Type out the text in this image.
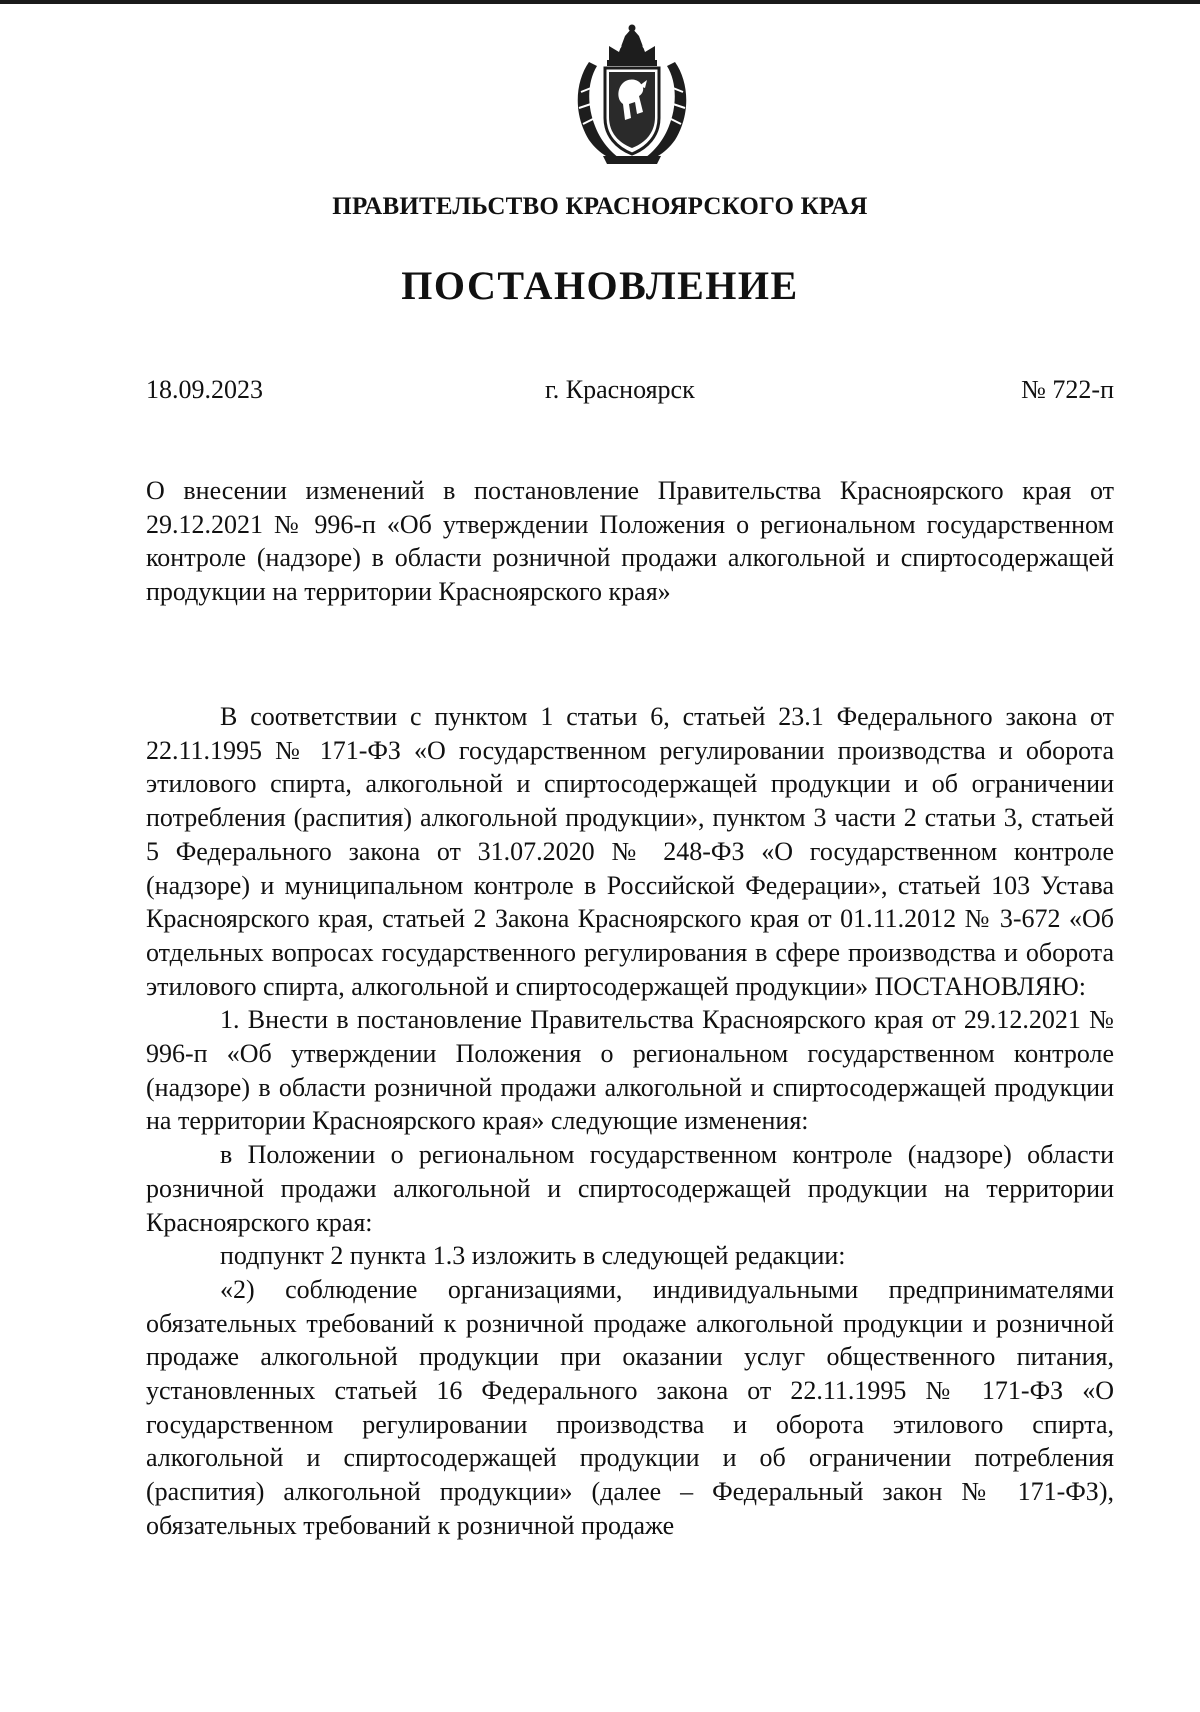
ПРАВИТЕЛЬСТВО КРАСНОЯРСКОГО КРАЯ
ПОСТАНОВЛЕНИЕ
18.09.2023	г. Красноярск	№ 722-п
О внесении изменений в постановление Правительства Красноярского края от 29.12.2021 № 996-п «Об утверждении Положения о региональном государственном контроле (надзоре) в области розничной продажи алкогольной и спиртосодержащей продукции на территории Красноярского края»

В соответствии с пунктом 1 статьи 6, статьей 23.1 Федерального закона от 22.11.1995 № 171-ФЗ «О государственном регулировании производства и оборота этилового спирта, алкогольной и спиртосодержащей продукции и об ограничении потребления (распития) алкогольной продукции», пунктом 3 части 2 статьи 3, статьей 5 Федерального закона от 31.07.2020 № 248-ФЗ «О государственном контроле (надзоре) и муниципальном контроле в Российской Федерации», статьей 103 Устава Красноярского края, статьей 2 Закона Красноярского края от 01.11.2012 № 3-672 «Об отдельных вопросах государственного регулирования в сфере производства и оборота этилового спирта, алкогольной и спиртосодержащей продукции» ПОСТАНОВЛЯЮ:

1. Внести в постановление Правительства Красноярского края от 29.12.2021 № 996-п «Об утверждении Положения о региональном государственном контроле (надзоре) в области розничной продажи алкогольной и спиртосодержащей продукции на территории Красноярского края» следующие изменения:

в Положении о региональном государственном контроле (надзоре) области розничной продажи алкогольной и спиртосодержащей продукции на территории Красноярского края:

подпункт 2 пункта 1.3 изложить в следующей редакции:

«2) соблюдение организациями, индивидуальными предпринимателями обязательных требований к розничной продаже алкогольной продукции и розничной продаже алкогольной продукции при оказании услуг общественного питания, установленных статьей 16 Федерального закона от 22.11.1995 № 171-ФЗ «О государственном регулировании производства и оборота этилового спирта, алкогольной и спиртосодержащей продукции и об ограничении потребления (распития) алкогольной продукции» (далее – Федеральный закон № 171-ФЗ), обязательных требований к розничной продаже
